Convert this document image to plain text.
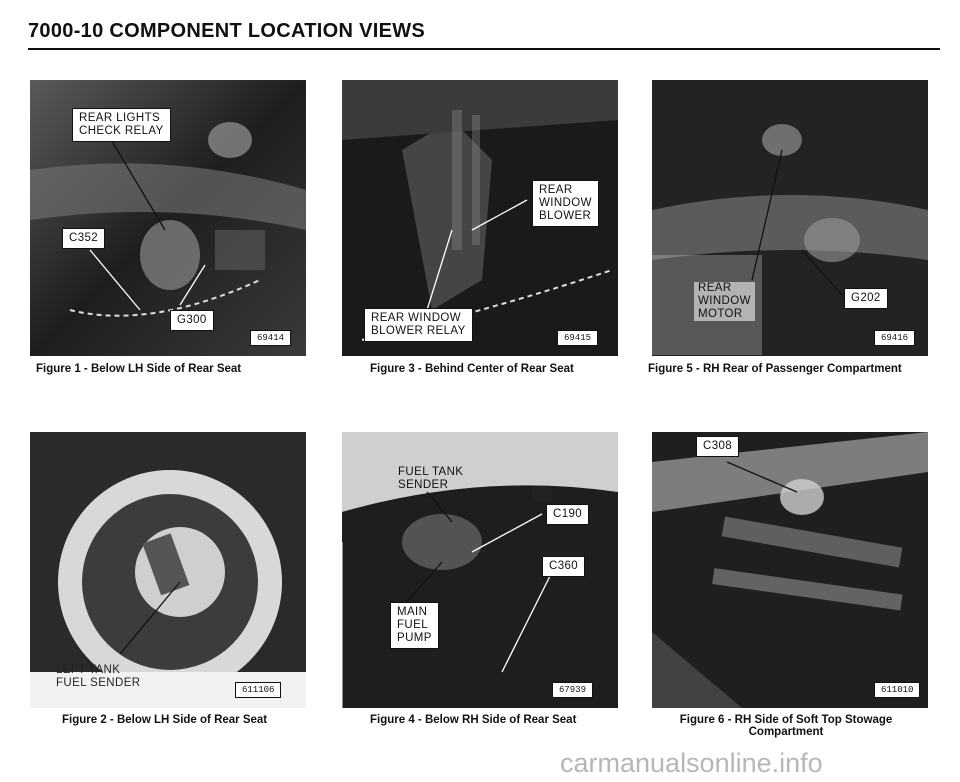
7000-10 COMPONENT LOCATION VIEWS
REAR LIGHTS
CHECK RELAY
C352
G300
69414
Figure 1 - Below LH Side of Rear Seat
REAR
WINDOW
BLOWER
REAR WINDOW
BLOWER RELAY
69415
Figure 3 - Behind Center of Rear Seat
REAR
WINDOW
MOTOR
G202
69416
Figure 5 - RH Rear of Passenger Compartment
LEFT TANK
FUEL SENDER
611106
Figure 2 - Below LH Side of Rear Seat
FUEL TANK
SENDER
C190
C360
MAIN
FUEL
PUMP
67939
Figure 4 - Below RH Side of Rear Seat
C308
611010
Figure 6 - RH Side of Soft Top Stowage
Compartment
carmanualsonline.info
